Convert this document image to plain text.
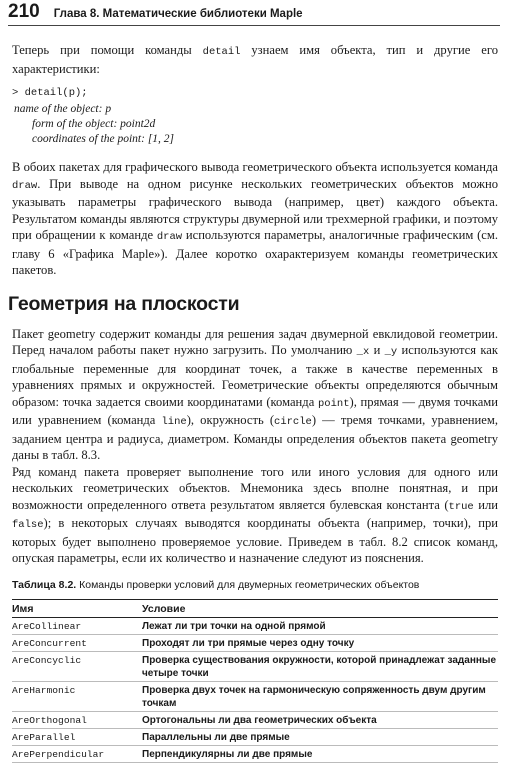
210 Глава 8. Математические библиотеки Maple

Теперь при помощи команды detail узнаем имя объекта, тип и другие его характеристики:

> detail(p);

name of the object: p

form of the object: point2d

coordinates of the point: [1, 2]

В обоих пакетах для графического вывода геометрического объекта используется команда draw. При выводе на одном рисунке нескольких геометрических объектов можно указывать параметры графического вывода (например, цвет) каждого объекта. Результатом команды являются структуры двумерной или трехмерной графики, и поэтому при обращении к команде draw используются параметры, аналогичные графическим (см. главу 6 «Графика Maple»). Далее коротко охарактеризуем команды геометрических пакетов.

Геометрия на плоскости

Пакет geometry содержит команды для решения задач двумерной евклидовой геометрии. Перед началом работы пакет нужно загрузить. По умолчанию _x и _y используются как глобальные переменные для координат точек, а также в качестве переменных в уравнениях прямых и окружностей. Геометрические объекты определяются обычным образом: точка задается своими координатами (команда point), прямая — двумя точками или уравнением (команда line), окружность (circle) — тремя точками, уравнением, заданием центра и радиуса, диаметром. Команды определения объектов пакета geometry даны в табл. 8.3.

Ряд команд пакета проверяет выполнение того или иного условия для одного или нескольких геометрических объектов. Мнемоника здесь вполне понятная, и при возможности определенного ответа результатом является булевская константа (true или false); в некоторых случаях выводятся координаты объекта (например, точки), при которых будет выполнено проверяемое условие. Приведем в табл. 8.2 список команд, опуская параметры, если их количество и назначение следуют из пояснения.

Таблица 8.2. Команды проверки условий для двумерных геометрических объектов
Имя	Условие
AreCollinear	Лежат ли три точки на одной прямой
AreConcurrent	Проходят ли три прямые через одну точку
AreConcyclic	Проверка существования окружности, которой принадлежат заданные четыре точки
AreHarmonic	Проверка двух точек на гармоническую сопряженность двум другим точкам
AreOrthogonal	Ортогональны ли два геометрических объекта
AreParallel	Параллельны ли две прямые
ArePerpendicular	Перпендикулярны ли две прямые
